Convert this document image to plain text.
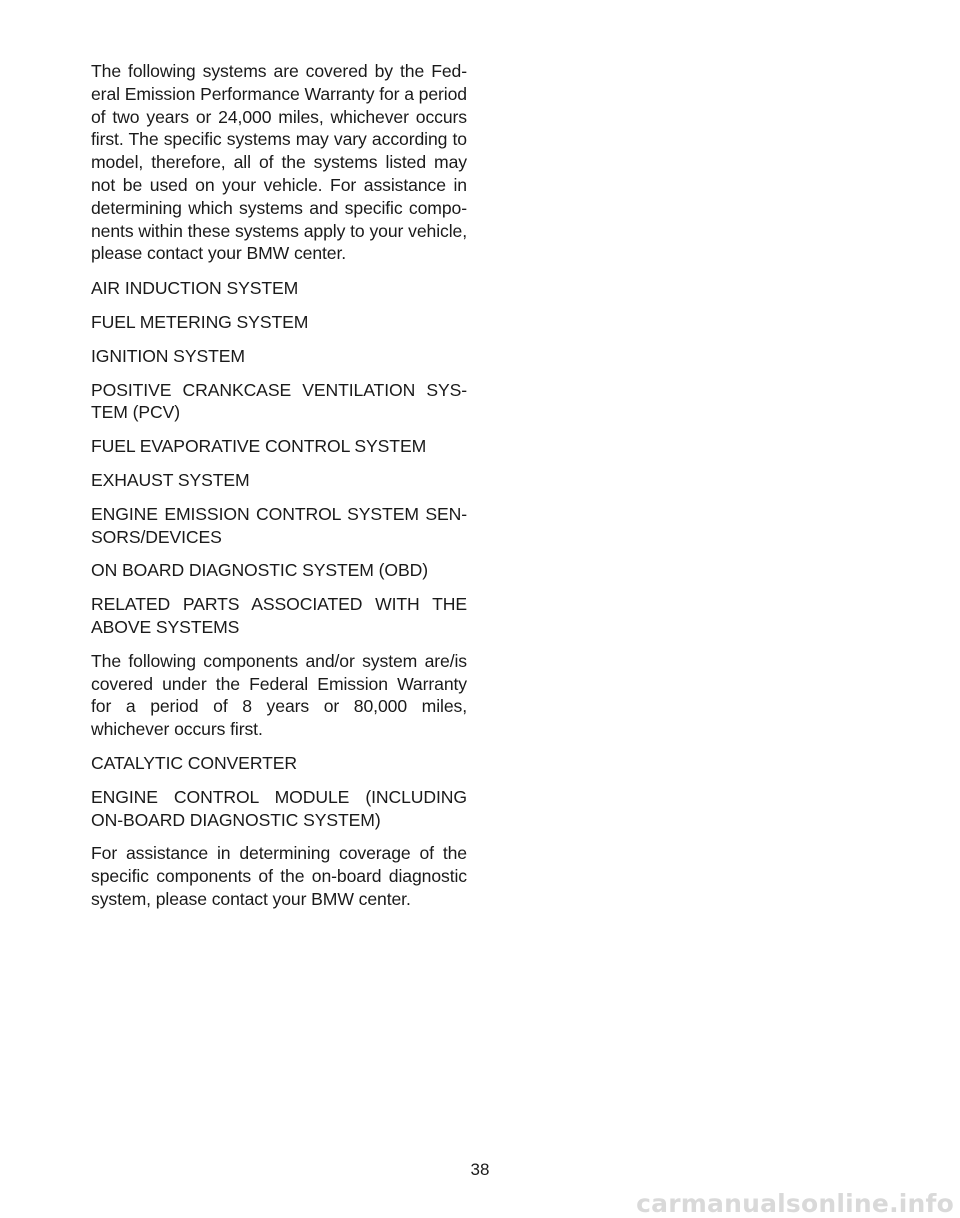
The following systems are covered by the Fed-eral Emission Performance Warranty for a period of two years or 24,000 miles, whichever occurs first. The specific systems may vary according to model, therefore, all of the systems listed may not be used on your vehicle. For assistance in determining which systems and specific compo-nents within these systems apply to your vehicle, please contact your BMW center.

AIR INDUCTION SYSTEM

FUEL METERING SYSTEM

IGNITION SYSTEM

POSITIVE CRANKCASE VENTILATION SYS-TEM (PCV)

FUEL EVAPORATIVE CONTROL SYSTEM

EXHAUST SYSTEM

ENGINE EMISSION CONTROL SYSTEM SEN-SORS/DEVICES

ON BOARD DIAGNOSTIC SYSTEM (OBD)

RELATED PARTS ASSOCIATED WITH THE ABOVE SYSTEMS

The following components and/or system are/is covered under the Federal Emission Warranty for a period of 8 years or 80,000 miles, whichever occurs first.

CATALYTIC CONVERTER

ENGINE CONTROL MODULE (INCLUDING ON-BOARD DIAGNOSTIC SYSTEM)

For assistance in determining coverage of the specific components of the on-board diagnostic system, please contact your BMW center.

38
carmanualsonline.info
